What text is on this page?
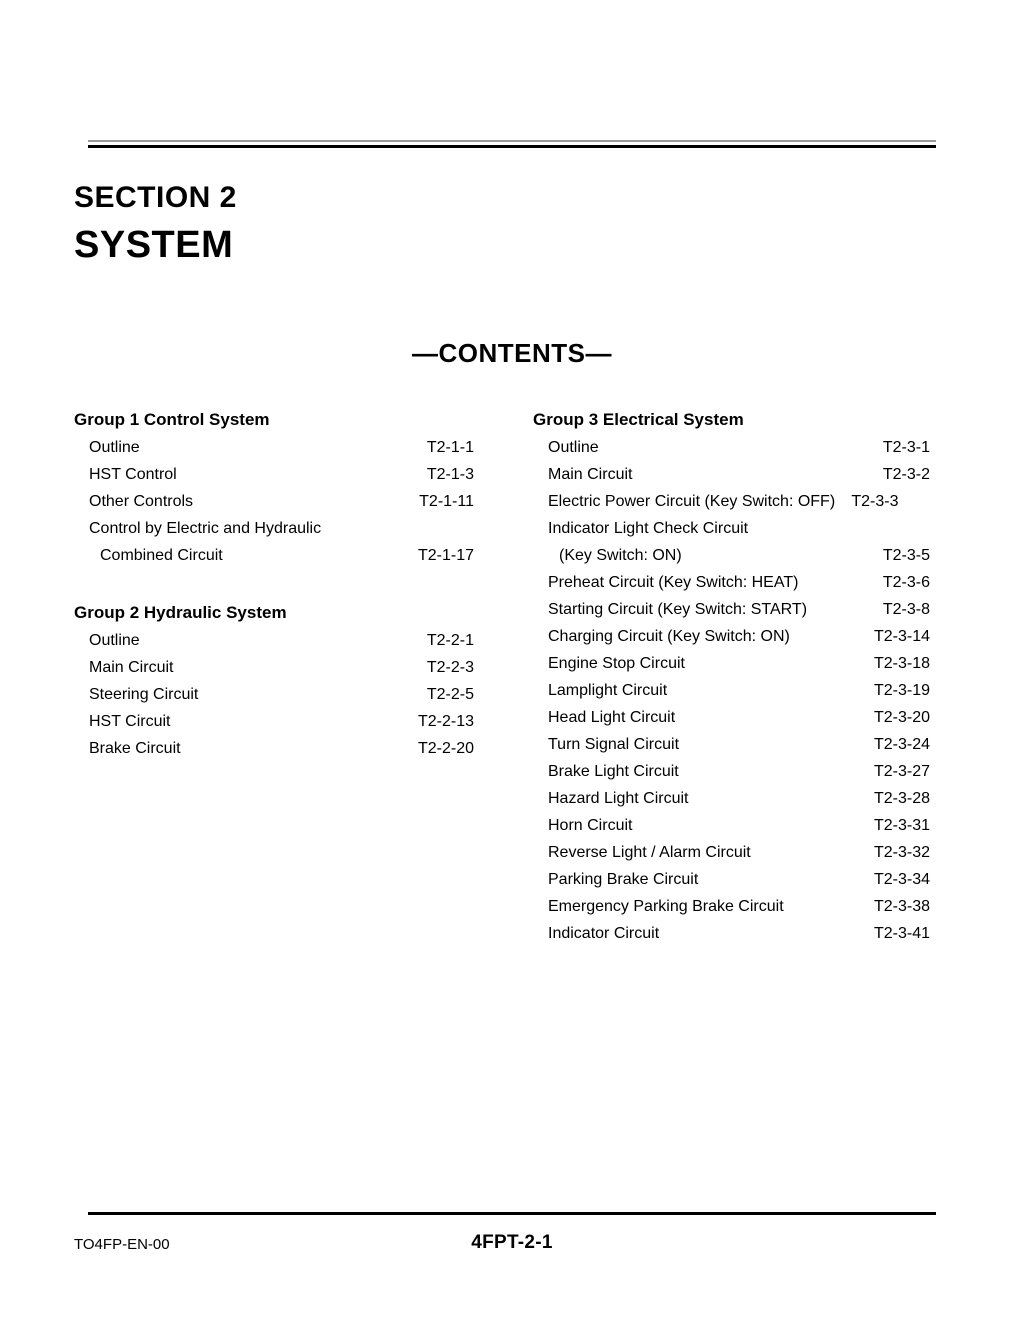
SECTION 2
SYSTEM
—CONTENTS—
Group 1 Control System
Outline .....	T2-1-1
HST Control .....	T2-1-3
Other Controls .....	T2-1-11
Control by Electric and Hydraulic
Combined Circuit .....	T2-1-17
Group 2 Hydraulic System
Outline .....	T2-2-1
Main Circuit .....	T2-2-3
Steering Circuit .....	T2-2-5
HST Circuit .....	T2-2-13
Brake Circuit .....	T2-2-20
Group 3 Electrical System
Outline .....	T2-3-1
Main Circuit .....	T2-3-2
Electric Power Circuit (Key Switch: OFF) . T2-3-3
Indicator Light Check Circuit
(Key Switch: ON) .....	T2-3-5
Preheat Circuit (Key Switch: HEAT) .....	T2-3-6
Starting Circuit (Key Switch: START) .....	T2-3-8
Charging Circuit (Key Switch: ON) .....	T2-3-14
Engine Stop Circuit .....	T2-3-18
Lamplight Circuit .....	T2-3-19
Head Light Circuit .....	T2-3-20
Turn Signal Circuit .....	T2-3-24
Brake Light Circuit .....	T2-3-27
Hazard Light Circuit .....	T2-3-28
Horn Circuit .....	T2-3-31
Reverse Light / Alarm Circuit .....	T2-3-32
Parking Brake Circuit .....	T2-3-34
Emergency Parking Brake Circuit .....	T2-3-38
Indicator Circuit .....	T2-3-41
TO4FP-EN-00	4FPT-2-1
